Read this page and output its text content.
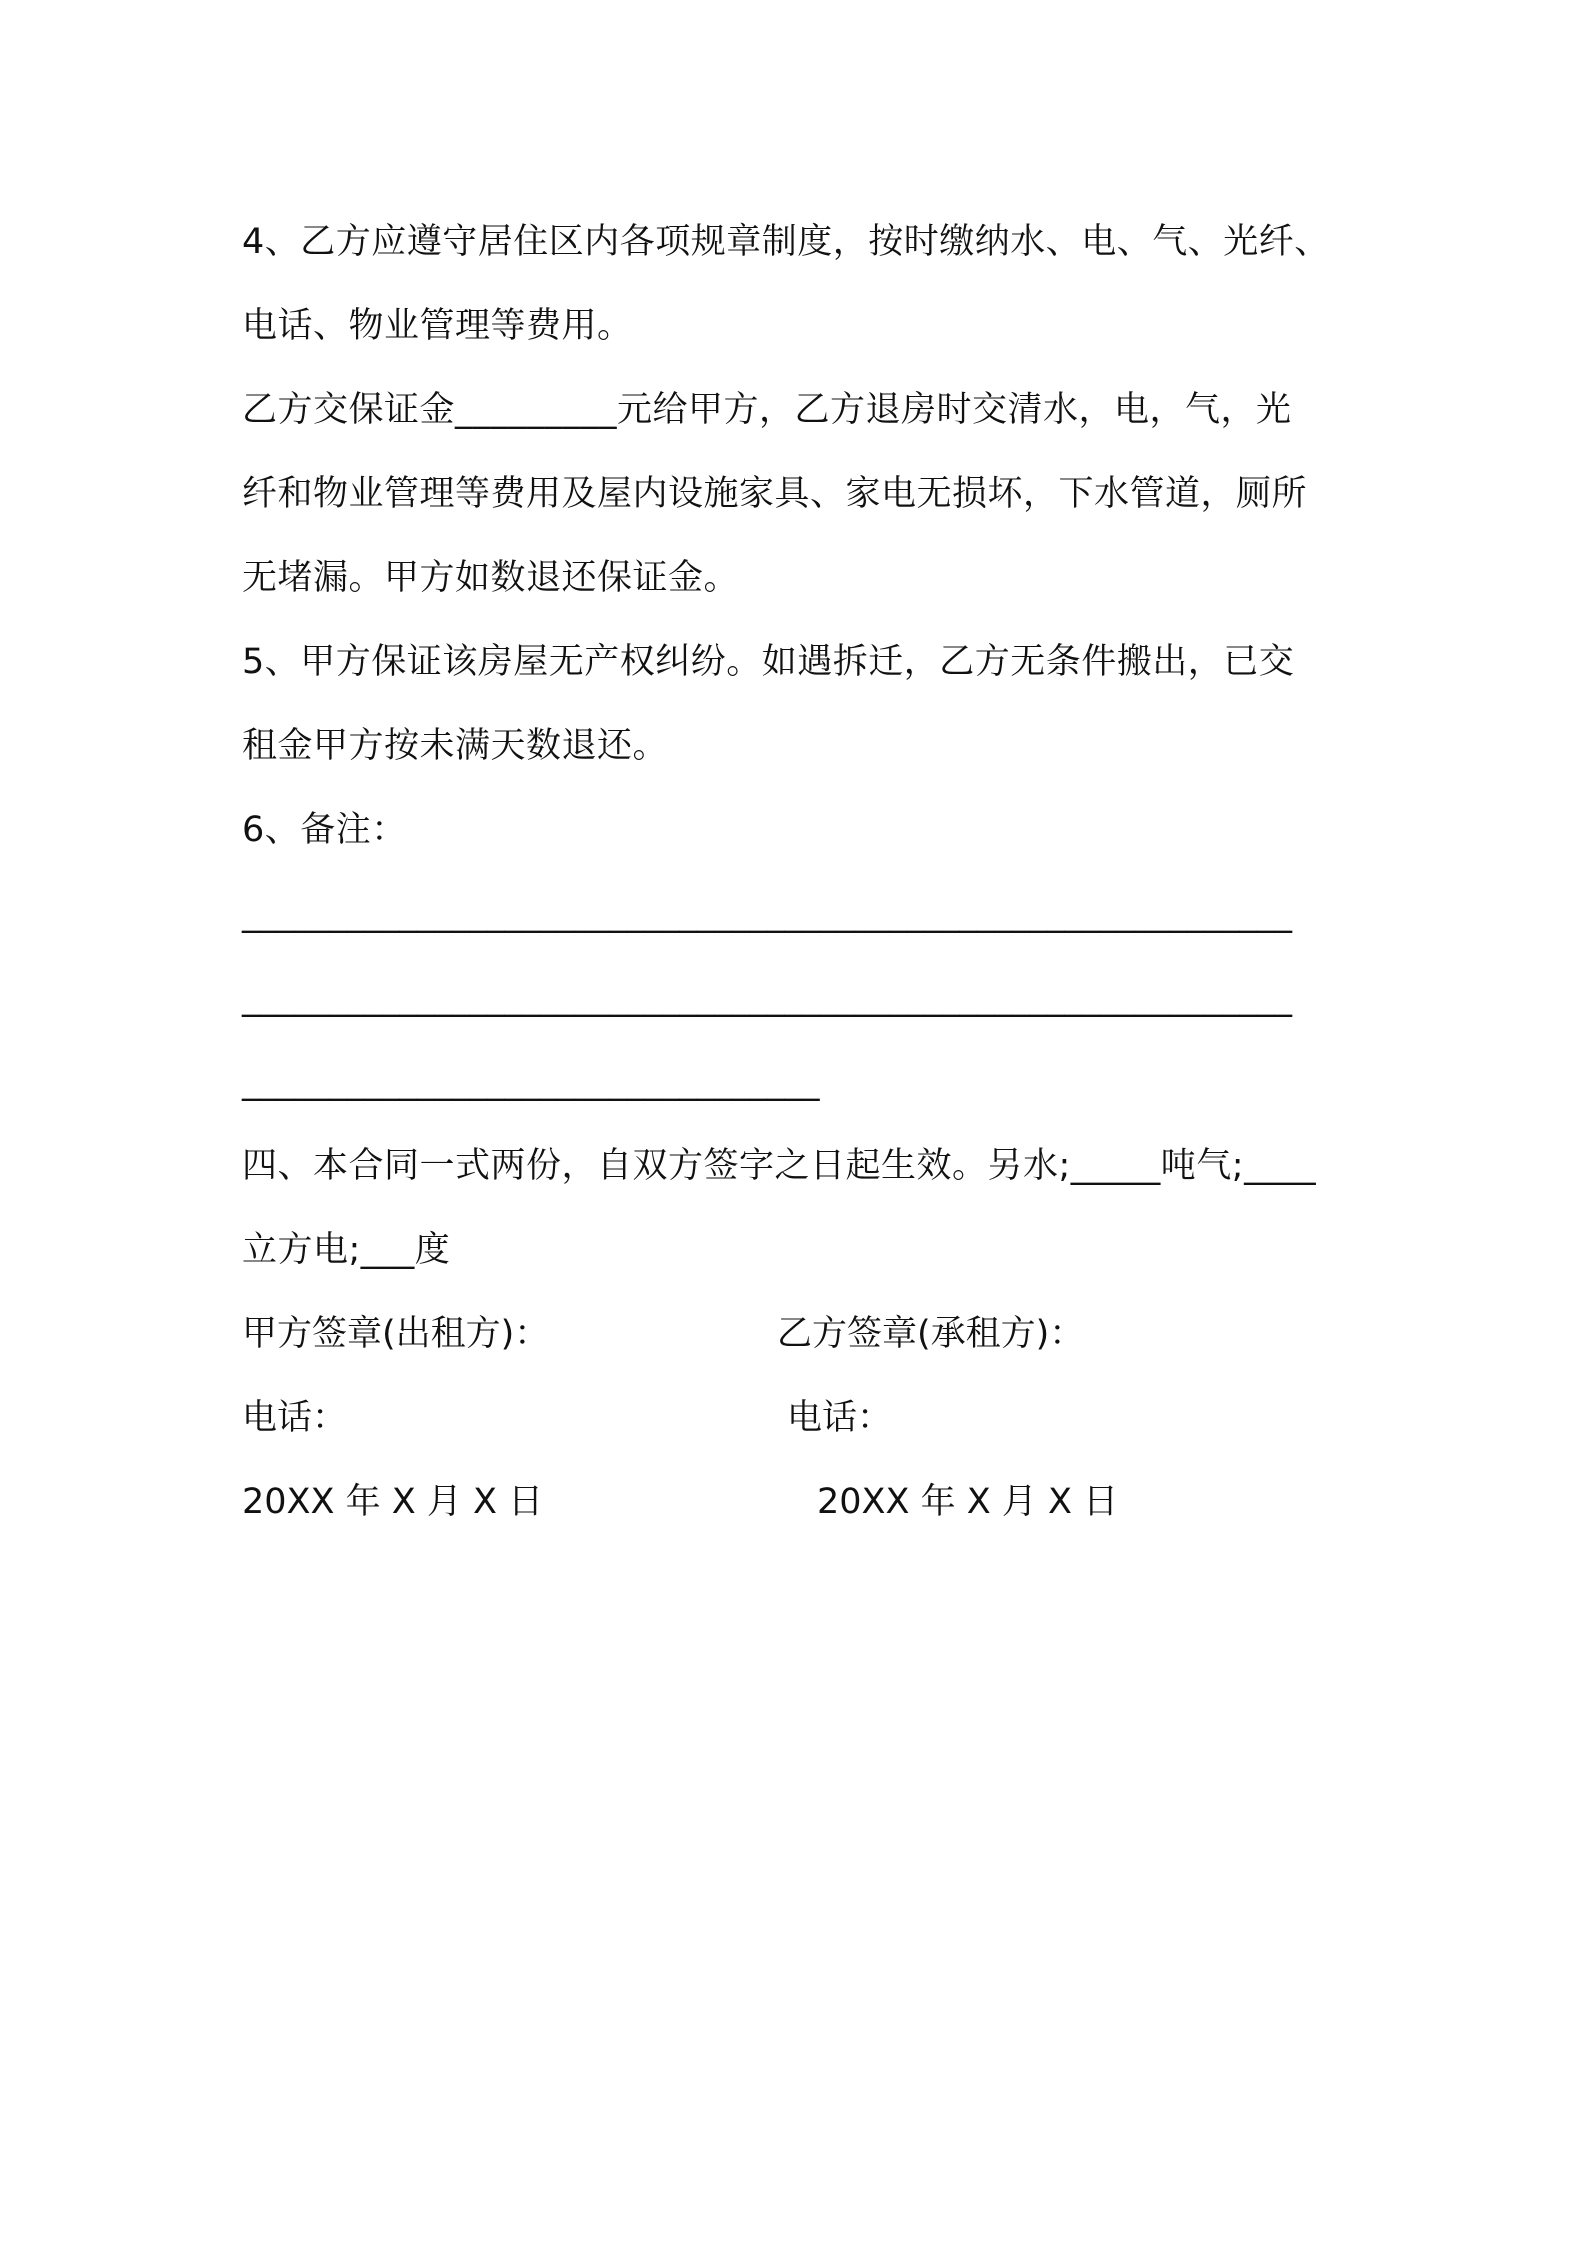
4、乙方应遵守居住区内各项规章制度，按时缴纳水、电、气、光纤、
电话、物业管理等费用。
乙方交保证金_________元给甲方，乙方退房时交清水，电，气，光
纤和物业管理等费用及屋内设施家具、家电无损坏，下水管道，厕所
无堵漏。甲方如数退还保证金。
5、甲方保证该房屋无产权纠纷。如遇拆迁，乙方无条件搬出，已交
租金甲方按未满天数退还。
6、备注：
____________________________________________________________
____________________________________________________________
_________________________________
四、本合同一式两份，自双方签字之日起生效。另水;_____吨气;____
立方电;___度
甲方签章(出租方)：	乙方签章(承租方)：
电话：	电话：
20XX 年 X 月 X 日	20XX 年 X 月 X 日
